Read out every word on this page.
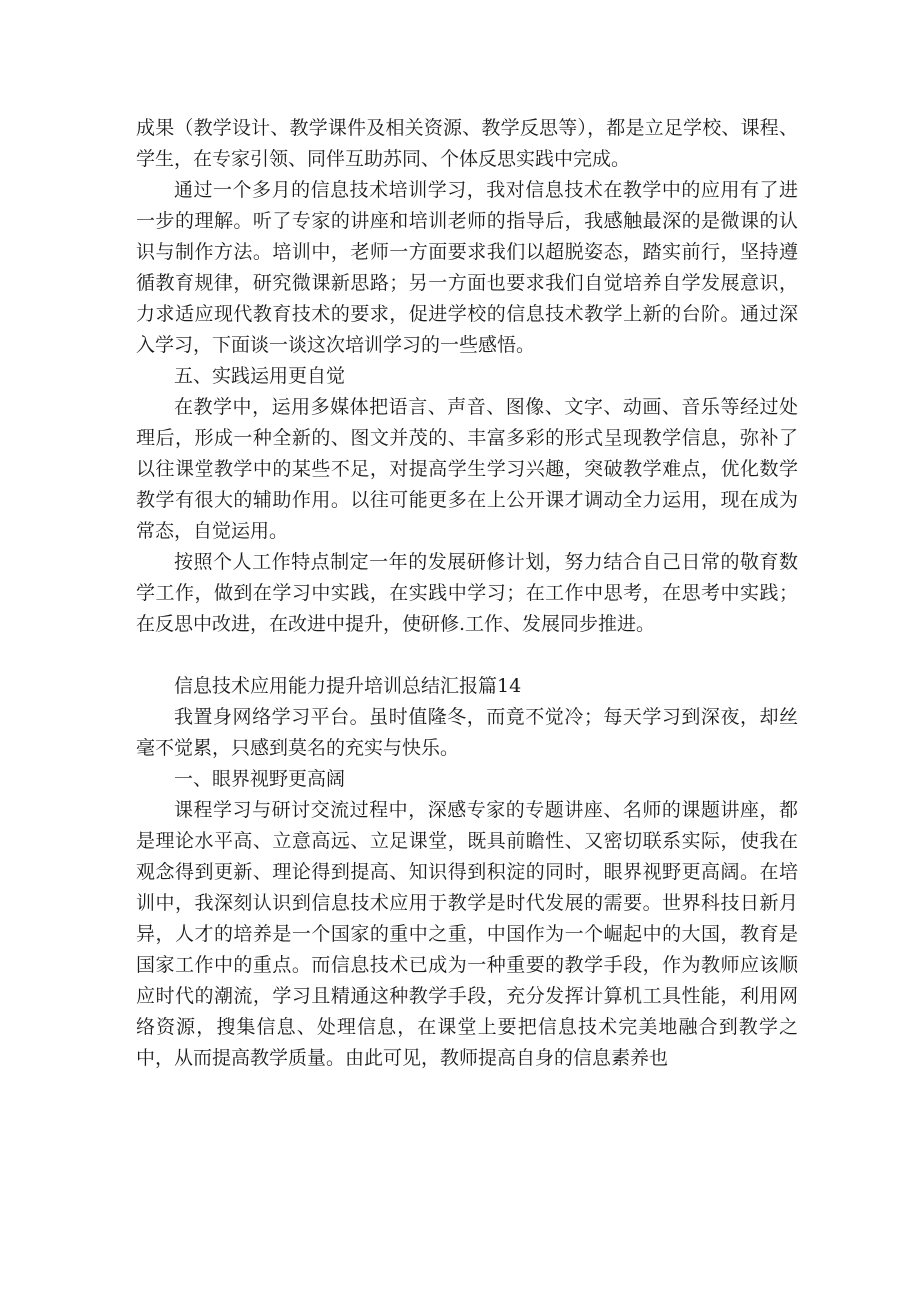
成果（教学设计、教学课件及相关资源、教学反思等），都是立足学校、课程、学生，在专家引领、同伴互助苏同、个体反思实践中完成。

通过一个多月的信息技术培训学习，我对信息技术在教学中的应用有了进一步的理解。听了专家的讲座和培训老师的指导后，我感触最深的是微课的认识与制作方法。培训中，老师一方面要求我们以超脱姿态，踏实前行，坚持遵循教育规律，研究微课新思路；另一方面也要求我们自觉培养自学发展意识，力求适应现代教育技术的要求，促进学校的信息技术教学上新的台阶。通过深入学习，下面谈一谈这次培训学习的一些感悟。

五、实践运用更自觉

在教学中，运用多媒体把语言、声音、图像、文字、动画、音乐等经过处理后，形成一种全新的、图文并茂的、丰富多彩的形式呈现教学信息，弥补了以往课堂教学中的某些不足，对提高学生学习兴趣，突破教学难点，优化数学教学有很大的辅助作用。以往可能更多在上公开课才调动全力运用，现在成为常态，自觉运用。

按照个人工作特点制定一年的发展研修计划，努力结合自己日常的敬育数学工作，做到在学习中实践，在实践中学习；在工作中思考，在思考中实践；在反思中改进，在改进中提升，使研修.工作、发展同步推进。

信息技术应用能力提升培训总结汇报篇14

我置身网络学习平台。虽时值隆冬，而竟不觉冷；每天学习到深夜，却丝毫不觉累，只感到莫名的充实与快乐。

一、眼界视野更高阔

课程学习与研讨交流过程中，深感专家的专题讲座、名师的课题讲座，都是理论水平高、立意高远、立足课堂，既具前瞻性、又密切联系实际，使我在观念得到更新、理论得到提高、知识得到积淀的同时，眼界视野更高阔。在培训中，我深刻认识到信息技术应用于教学是时代发展的需要。世界科技日新月异，人才的培养是一个国家的重中之重，中国作为一个崛起中的大国，教育是国家工作中的重点。而信息技术已成为一种重要的教学手段，作为教师应该顺应时代的潮流，学习且精通这种教学手段，充分发挥计算机工具性能，利用网络资源，搜集信息、处理信息，在课堂上要把信息技术完美地融合到教学之中，从而提高教学质量。由此可见，教师提高自身的信息素养也
